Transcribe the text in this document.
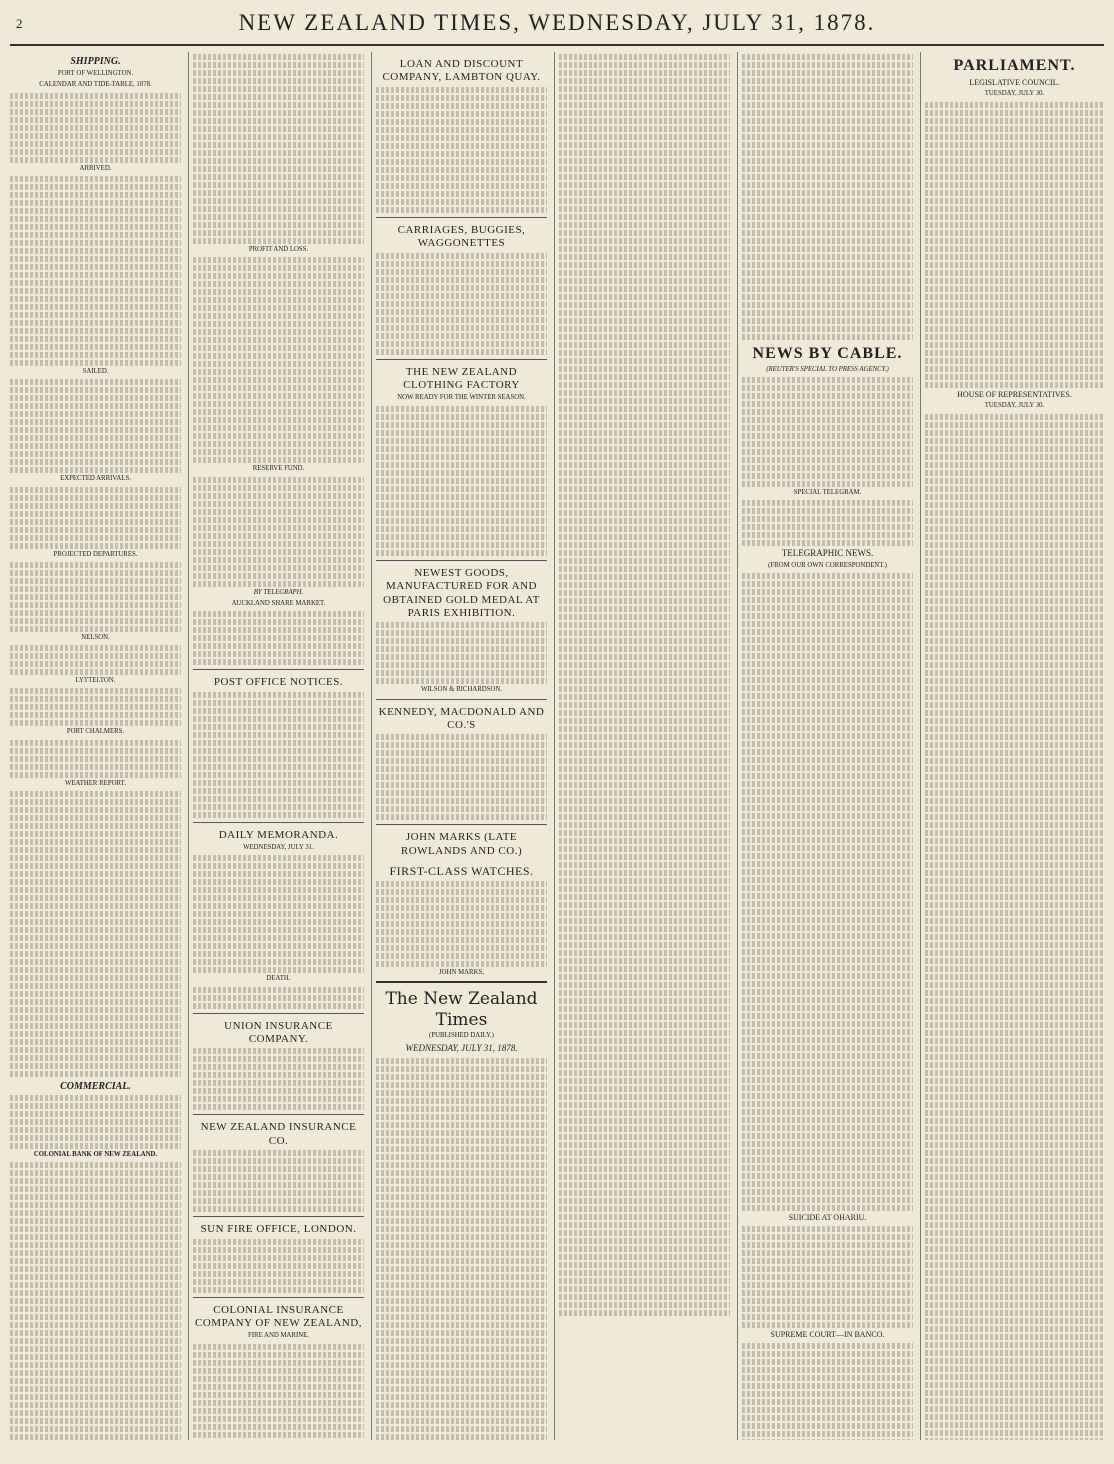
2	NEW ZEALAND TIMES, WEDNESDAY, JULY 31, 1878.
SHIPPING.
PORT OF WELLINGTON.
CALENDAR AND TIDE-TABLE, 1878.
ARRIVED.
SAILED.
EXPECTED ARRIVALS.
PROJECTED DEPARTURES.
NELSON.
LYTTELTON.
PORT CHALMERS.
WEATHER REPORT.
COMMERCIAL.
COLONIAL BANK OF NEW ZEALAND.
PROFIT AND LOSS.
RESERVE FUND.
BY TELEGRAPH.
AUCKLAND SHARE MARKET.
POST OFFICE NOTICES.
DAILY MEMORANDA.
WEDNESDAY, JULY 31.
DEATH.
UNION INSURANCE COMPANY.
NEW ZEALAND INSURANCE CO.
SUN FIRE OFFICE, LONDON.
COLONIAL INSURANCE COMPANY OF NEW ZEALAND,
FIRE AND MARINE.
LOAN AND DISCOUNT COMPANY, LAMBTON QUAY.
CARRIAGES, BUGGIES, WAGGONETTES
THE NEW ZEALAND CLOTHING FACTORY
NOW READY FOR THE WINTER SEASON.
NEWEST GOODS, MANUFACTURED FOR AND OBTAINED GOLD MEDAL AT PARIS EXHIBITION.
WILSON & RICHARDSON.
KENNEDY, MACDONALD AND CO.'S
JOHN MARKS (LATE ROWLANDS AND CO.)
FIRST-CLASS WATCHES.
JOHN MARKS,
The New Zealand Times
(PUBLISHED DAILY.)
WEDNESDAY, JULY 31, 1878.
NEWS BY CABLE.
(REUTER'S SPECIAL TO PRESS AGENCY.)
SPECIAL TELEGRAM.
TELEGRAPHIC NEWS.
(FROM OUR OWN CORRESPONDENT.)
SUICIDE AT OHARIU.
SUPREME COURT—IN BANCO.
PARLIAMENT.
LEGISLATIVE COUNCIL.
TUESDAY, JULY 30.
HOUSE OF REPRESENTATIVES.
TUESDAY, JULY 30.
